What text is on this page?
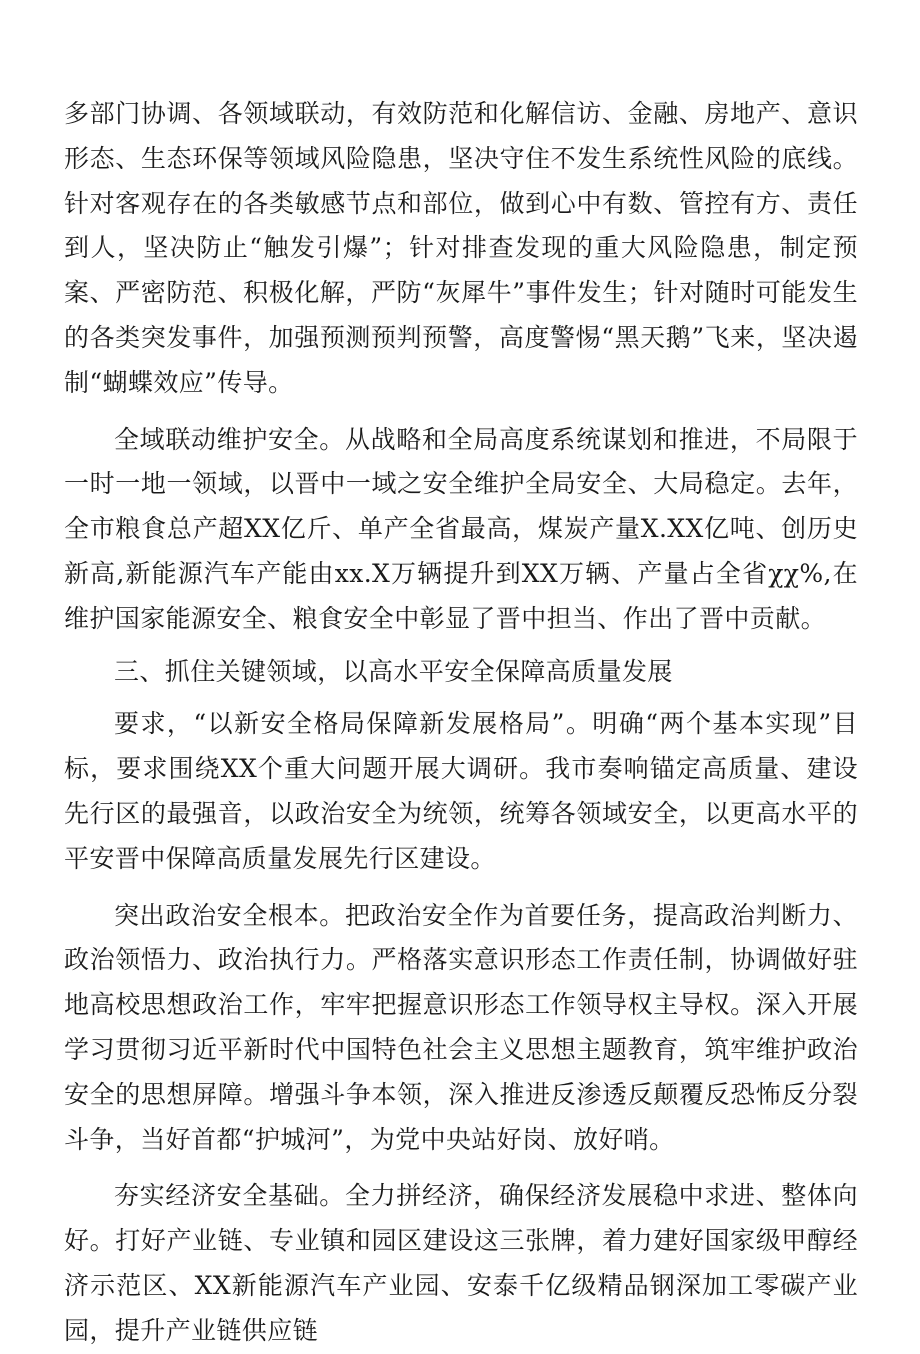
多部门协调、各领域联动，有效防范和化解信访、金融、房地产、意识形态、生态环保等领域风险隐患，坚决守住不发生系统性风险的底线。针对客观存在的各类敏感节点和部位，做到心中有数、管控有方、责任到人，坚决防止“触发引爆”；针对排查发现的重大风险隐患，制定预案、严密防范、积极化解，严防“灰犀牛”事件发生；针对随时可能发生的各类突发事件，加强预测预判预警，高度警惕“黑天鹅”飞来，坚决遏制“蝴蝶效应”传导。

全域联动维护安全。从战略和全局高度系统谋划和推进，不局限于一时一地一领域，以晋中一域之安全维护全局安全、大局稳定。去年，全市粮食总产超XX亿斤、单产全省最高，煤炭产量X.XX亿吨、创历史新高,新能源汽车产能由xx.X万辆提升到XX万辆、产量占全省χχ%,在维护国家能源安全、粮食安全中彰显了晋中担当、作出了晋中贡献。

三、抓住关键领域，以高水平安全保障高质量发展

要求，“以新安全格局保障新发展格局”。明确“两个基本实现”目标，要求围绕XX个重大问题开展大调研。我市奏响锚定高质量、建设先行区的最强音，以政治安全为统领，统筹各领域安全，以更高水平的平安晋中保障高质量发展先行区建设。

突出政治安全根本。把政治安全作为首要任务，提高政治判断力、政治领悟力、政治执行力。严格落实意识形态工作责任制，协调做好驻地高校思想政治工作，牢牢把握意识形态工作领导权主导权。深入开展学习贯彻习近平新时代中国特色社会主义思想主题教育，筑牢维护政治安全的思想屏障。增强斗争本领，深入推进反渗透反颠覆反恐怖反分裂斗争，当好首都“护城河”，为党中央站好岗、放好哨。

夯实经济安全基础。全力拼经济，确保经济发展稳中求进、整体向好。打好产业链、专业镇和园区建设这三张牌，着力建好国家级甲醇经济示范区、XX新能源汽车产业园、安泰千亿级精品钢深加工零碳产业园，提升产业链供应链
